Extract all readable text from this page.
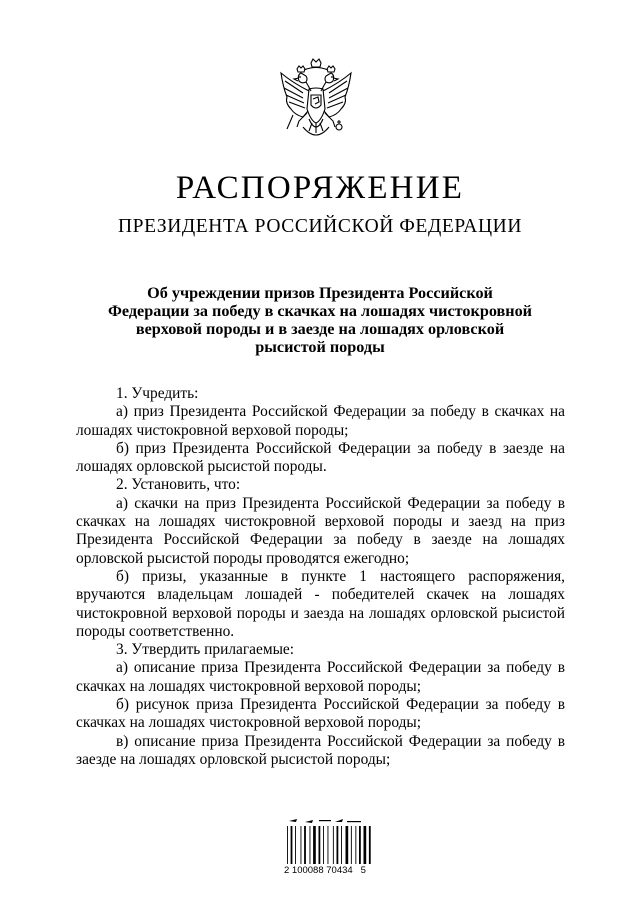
РАСПОРЯЖЕНИЕ
ПРЕЗИДЕНТА РОССИЙСКОЙ ФЕДЕРАЦИИ
Об учреждении призов Президента Российской
Федерации за победу в скачках на лошадях чистокровной
верховой породы и в заезде на лошадях орловской
рысистой породы

1. Учредить:

а) приз Президента Российской Федерации за победу в скачках на лошадях чистокровной верховой породы;

б) приз Президента Российской Федерации за победу в заезде на лошадях орловской рысистой породы.

2. Установить, что:

а) скачки на приз Президента Российской Федерации за победу в скачках на лошадях чистокровной верховой породы и заезд на приз Президента Российской Федерации за победу в заезде на лошадях орловской рысистой породы проводятся ежегодно;

б) призы, указанные в пункте 1 настоящего распоряжения, вручаются владельцам лошадей - победителей скачек на лошадях чистокровной верховой породы и заезда на лошадях орловской рысистой породы соответственно.

3. Утвердить прилагаемые:

а) описание приза Президента Российской Федерации за победу в скачках на лошадях чистокровной верховой породы;

б) рисунок приза Президента Российской Федерации за победу в скачках на лошадях чистокровной верховой породы;

в) описание приза Президента Российской Федерации за победу в заезде на лошадях орловской рысистой породы;

2 100088 70434   5
